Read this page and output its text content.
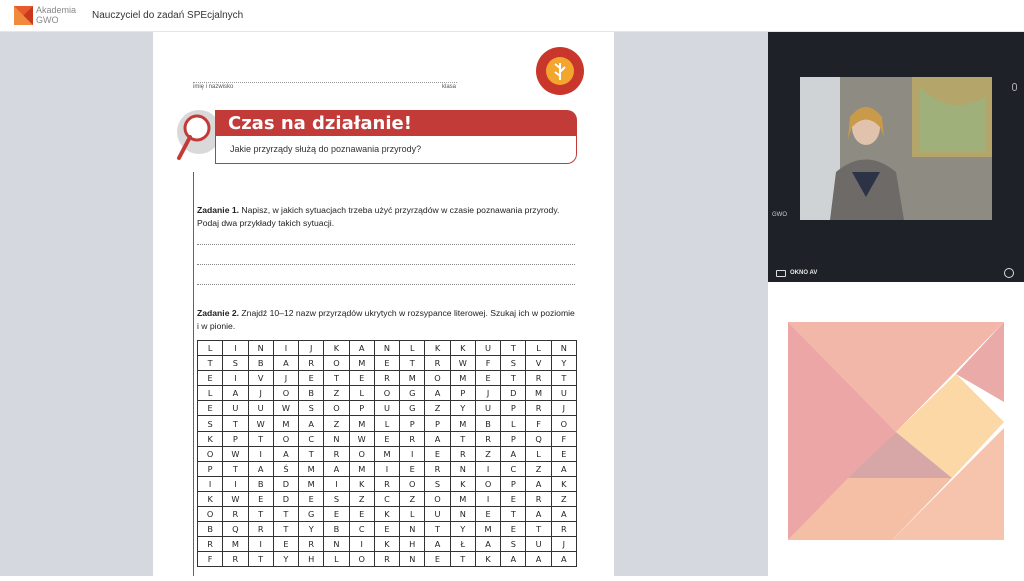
Akademia
GWO	Nauczyciel do zadań SPEcjalnych
imię i nazwisko	klasa
Czas na działanie!
Jakie przyrządy służą do poznawania przyrody?
Zadanie 1. Napisz, w jakich sytuacjach trzeba użyć przyrządów w czasie poznawania przyrody. Podaj dwa przykłady takich sytuacji.
Zadanie 2. Znajdź 10–12 nazw przyrządów ukrytych w rozsypance literowej. Szukaj ich w poziomie i w pionie.
L	I	N	I	J	K	A	N	L	K	K	U	T	L	N
T	S	B	A	R	O	M	E	T	R	W	F	S	V	Y
E	I	V	J	E	T	E	R	M	O	M	E	T	R	T
L	A	J	O	B	Z	L	O	G	A	P	J	D	M	U
E	U	U	W	S	O	P	U	G	Z	Y	U	P	R	J
S	T	W	M	A	Z	M	L	P	P	M	B	L	F	O
K	P	T	O	C	N	W	E	R	A	T	R	P	Q	F
O	W	I	A	T	R	O	M	I	E	R	Z	A	L	E
P	T	A	Ś	M	A	M	I	E	R	N	I	C	Z	A
I	I	B	D	M	I	K	R	O	S	K	O	P	A	K
K	W	E	D	E	S	Z	C	Z	O	M	I	E	R	Z
O	R	T	T	G	E	E	K	L	U	N	E	T	A	A
B	Q	R	T	Y	B	C	E	N	T	Y	M	E	T	R
R	M	I	E	R	N	I	K	H	A	Ł	A	S	U	J
F	R	T	Y	H	L	O	R	N	E	T	K	A	A	A
GWO
OKNO AV
